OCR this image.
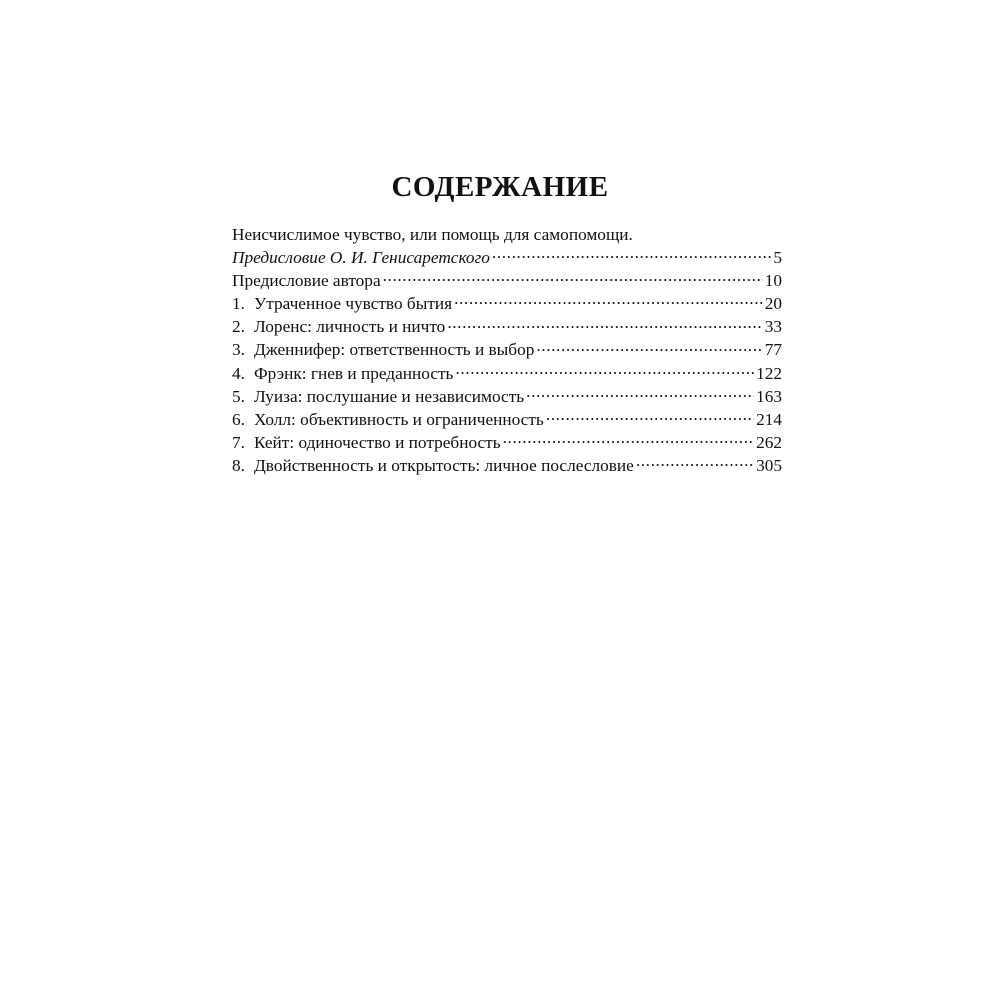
СОДЕРЖАНИЕ
Неисчислимое чувство, или помощь для самопомощи.
Предисловие О. И. Генисаретского .....	5
Предисловие автора .....	10
1. Утраченное чувство бытия .....	20
2. Лоренс: личность и ничто .....	33
3. Дженнифер: ответственность и выбор .....	77
4. Фрэнк: гнев и преданность .....	122
5. Луиза: послушание и независимость .....	163
6. Холл: объективность и ограниченность .....	214
7. Кейт: одиночество и потребность .....	262
8. Двойственность и открытость: личное послесловие .....	305
